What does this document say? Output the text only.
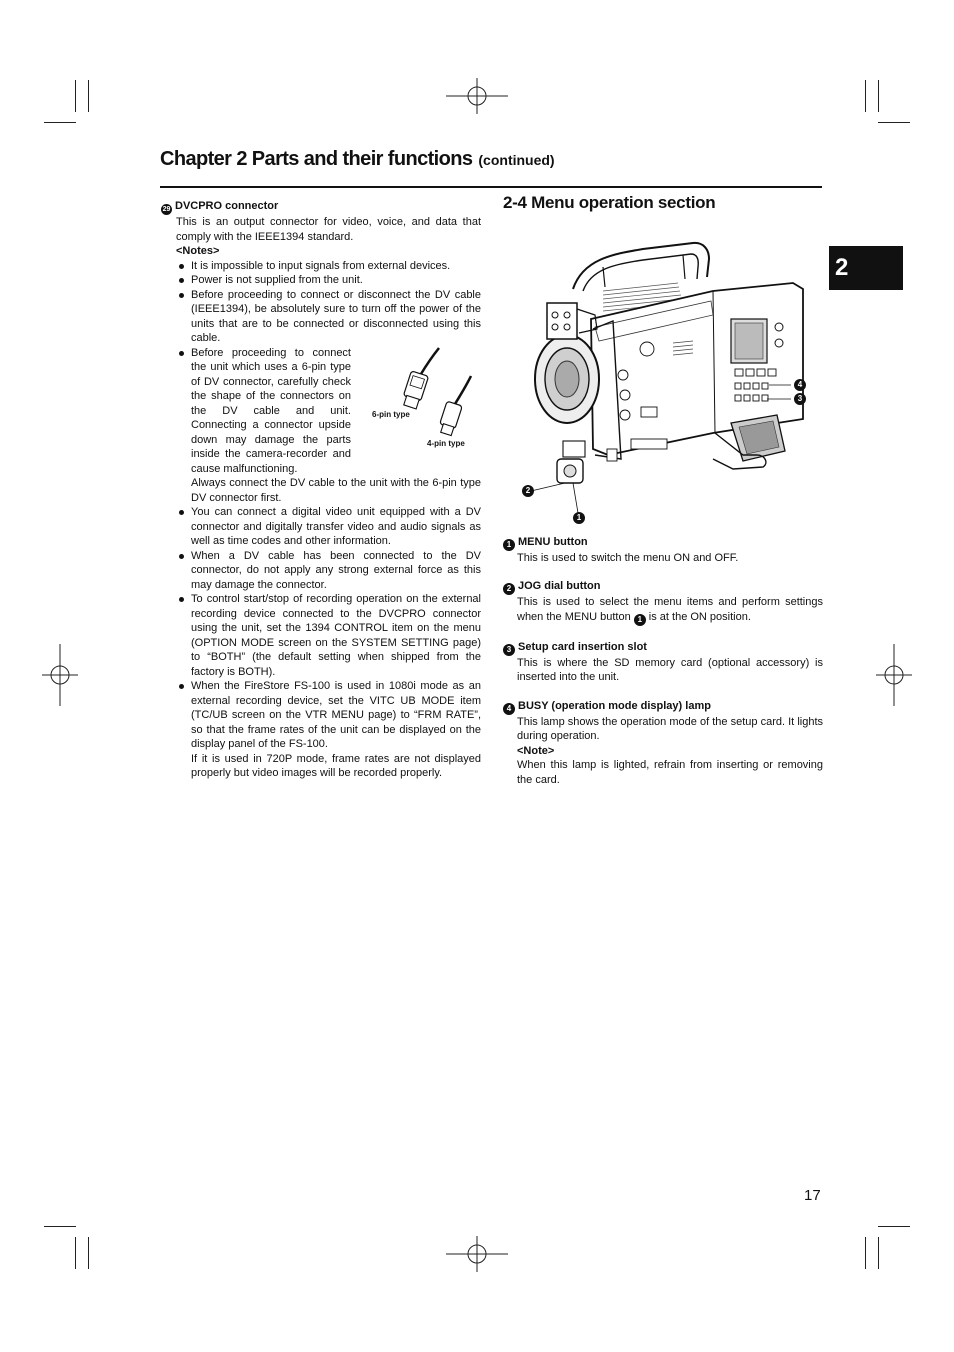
Chapter 2 Parts and their functions (continued)
2
29 DVCPRO connector
This is an output connector for video, voice, and data that comply with the IEEE1394 standard.
<Notes>
It is impossible to input signals from external devices.
Power is not supplied from the unit.
Before proceeding to connect or disconnect the DV cable (IEEE1394), be absolutely sure to turn off the power of the units that are to be connected or disconnected using this cable.
Before proceeding to connect the unit which uses a 6-pin type of DV connector, carefully check the shape of the connectors on the DV cable and unit. Connecting a connector upside down may damage the parts inside the camera-recorder and cause malfunctioning.
6-pin type
4-pin type
Always connect the DV cable to the unit with the 6-pin type DV connector first.
You can connect a digital video unit equipped with a DV connector and digitally transfer video and audio signals as well as time codes and other information.
When a DV cable has been connected to the DV connector, do not apply any strong external force as this may damage the connector.
To control start/stop of recording operation on the external recording device connected to the DVCPRO connector using the unit, set the 1394 CONTROL item on the menu (OPTION MODE screen on the SYSTEM SETTING page) to “BOTH” (the default setting when shipped from the factory is BOTH).
When the FireStore FS-100 is used in 1080i mode as an external recording device, set the VITC UB MODE item (TC/UB screen on the VTR MENU page) to “FRM RATE”, so that the frame rates of the unit can be displayed on the display panel of the FS-100.
If it is used in 720P mode, frame rates are not displayed properly but video images will be recorded properly.
2-4 Menu operation section
4
3
2
1

1 MENU button

This is used to switch the menu ON and OFF.

2 JOG dial button

This is used to select the menu items and perform settings when the MENU button 1 is at the ON position.

3 Setup card insertion slot

This is where the SD memory card (optional accessory) is inserted into the unit.

4 BUSY (operation mode display) lamp

This lamp shows the operation mode of the setup card. It lights during operation.

<Note>

When this lamp is lighted, refrain from inserting or removing the card.

17
